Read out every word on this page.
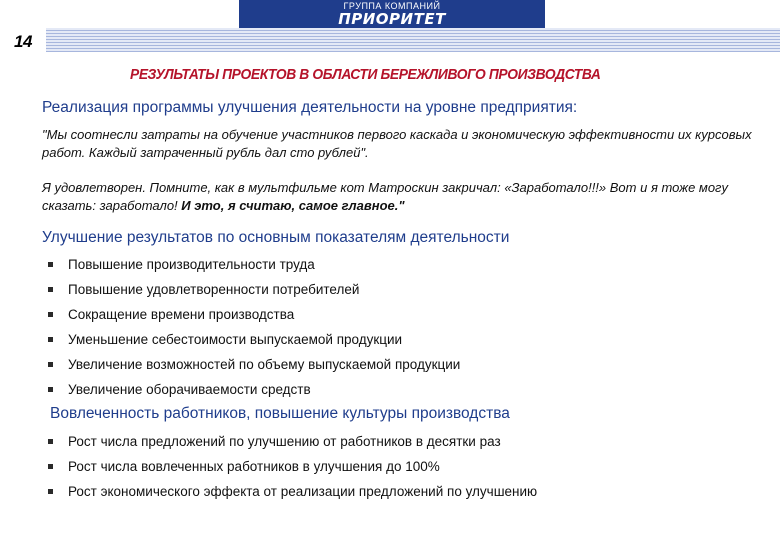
ГРУППА КОМПАНИЙ
ПРИОРИТЕТ
14
РЕЗУЛЬТАТЫ ПРОЕКТОВ В ОБЛАСТИ БЕРЕЖЛИВОГО ПРОИЗВОДСТВА
Реализация программы улучшения деятельности на уровне предприятия:
"Мы соотнесли затраты на обучение участников первого каскада и экономическую эффективности их курсовых работ. Каждый затраченный рубль дал сто рублей".
Я удовлетворен. Помните, как в мультфильме кот Матроскин закричал: «Заработало!!!» Вот и я тоже могу сказать: заработало! И это, я считаю, самое главное."
Улучшение результатов по основным показателям деятельности
Повышение производительности труда
Повышение удовлетворенности потребителей
Сокращение времени производства
Уменьшение себестоимости выпускаемой продукции
Увеличение возможностей по объему выпускаемой продукции
Увеличение оборачиваемости средств
Вовлеченность работников, повышение культуры производства
Рост числа предложений по улучшению от работников в десятки раз
Рост числа вовлеченных работников в улучшения до 100%
Рост экономического эффекта от реализации предложений по улучшению
